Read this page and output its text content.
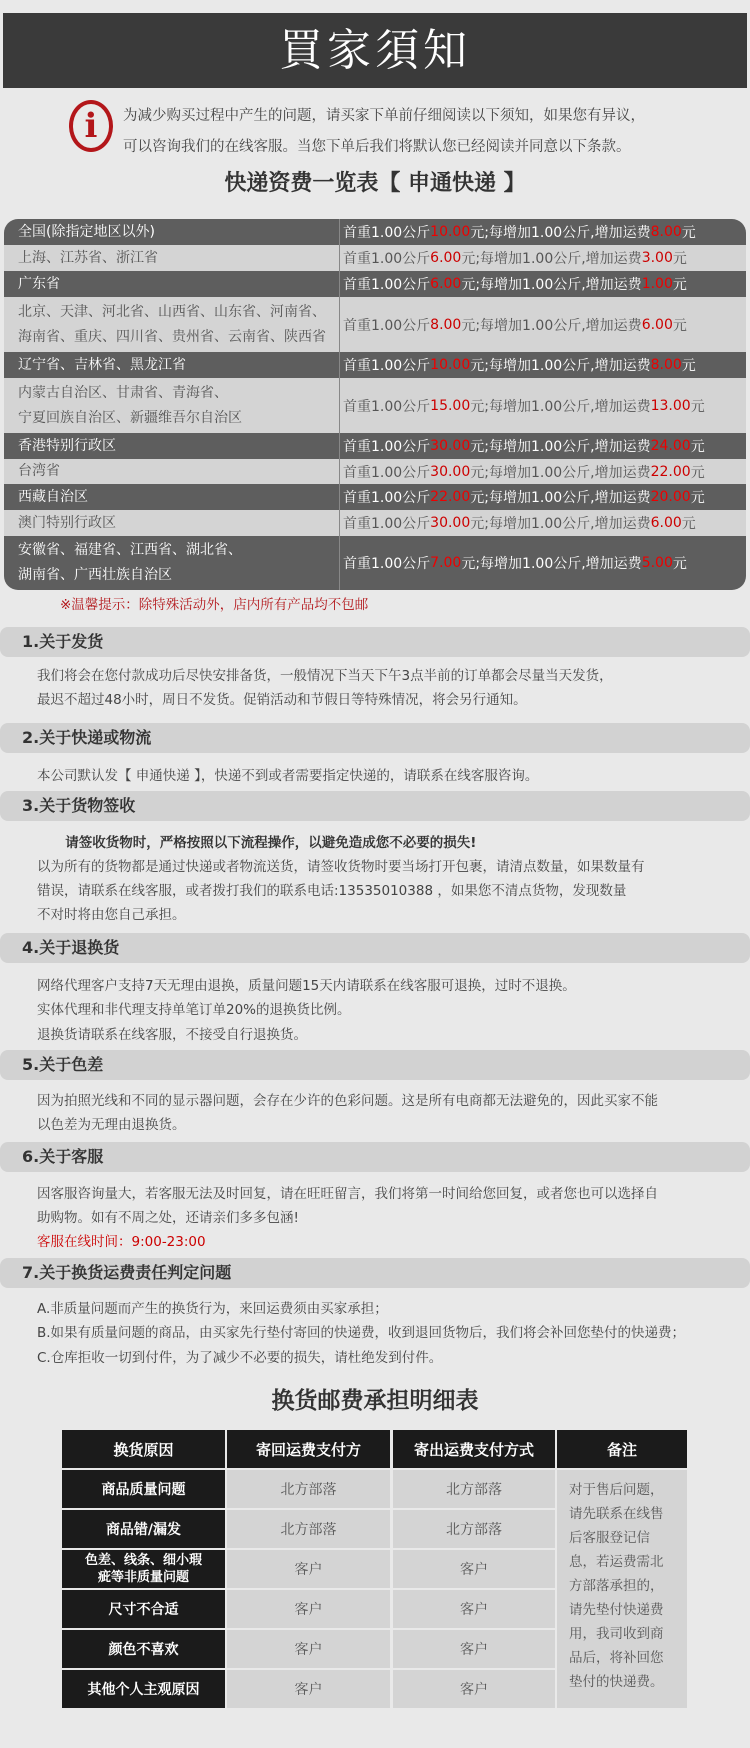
買家須知
i	为减少购买过程中产生的问题，请买家下单前仔细阅读以下须知，如果您有异议，
可以咨询我们的在线客服。当您下单后我们将默认您已经阅读并同意以下条款。
快递资费一览表【 申通快递 】
全国(除指定地区以外)	首重1.00公斤 10.00 元;每增加1.00公斤,增加运费 8.00 元
上海、江苏省、浙江省	首重1.00公斤 6.00 元;每增加1.00公斤,增加运费 3.00 元
广东省	首重1.00公斤 6.00 元;每增加1.00公斤,增加运费 1.00 元
北京、天津、河北省、山西省、山东省、河南省、
海南省、重庆、四川省、贵州省、云南省、陕西省
首重1.00公斤 8.00 元;每增加1.00公斤,增加运费 6.00 元
辽宁省、吉林省、黑龙江省	首重1.00公斤 10.00 元;每增加1.00公斤,增加运费 8.00 元
内蒙古自治区、甘肃省、青海省、
宁夏回族自治区、新疆维吾尔自治区
首重1.00公斤 15.00 元;每增加1.00公斤,增加运费 13.00 元
香港特别行政区	首重1.00公斤 30.00 元;每增加1.00公斤,增加运费 24.00 元
台湾省	首重1.00公斤 30.00 元;每增加1.00公斤,增加运费 22.00 元
西藏自治区	首重1.00公斤 22.00 元;每增加1.00公斤,增加运费 20.00 元
澳门特别行政区	首重1.00公斤 30.00 元;每增加1.00公斤,增加运费 6.00 元
安徽省、福建省、江西省、湖北省、
湖南省、广西壮族自治区
首重1.00公斤 7.00 元;每增加1.00公斤,增加运费 5.00 元
※温馨提示：除特殊活动外，店内所有产品均不包邮
1.关于发货
我们将会在您付款成功后尽快安排备货，一般情况下当天下午3点半前的订单都会尽量当天发货，
最迟不超过48小时，周日不发货。促销活动和节假日等特殊情况，将会另行通知。
2.关于快递或物流
本公司默认发【 申通快递 】，快递不到或者需要指定快递的，请联系在线客服咨询。
3.关于货物签收
请签收货物时，严格按照以下流程操作，以避免造成您不必要的损失!
以为所有的货物都是通过快递或者物流送货，请签收货物时要当场打开包裹，请清点数量，如果数量有
错误，请联系在线客服，或者拨打我们的联系电话:13535010388 ，如果您不清点货物，发现数量
不对时将由您自己承担。
4.关于退换货
网络代理客户支持7天无理由退换，质量问题15天内请联系在线客服可退换，过时不退换。
实体代理和非代理支持单笔订单20%的退换货比例。
退换货请联系在线客服，不接受自行退换货。
5.关于色差
因为拍照光线和不同的显示器问题，会存在少许的色彩问题。这是所有电商都无法避免的，因此买家不能
以色差为无理由退换货。
6.关于客服
因客服咨询量大，若客服无法及时回复，请在旺旺留言，我们将第一时间给您回复，或者您也可以选择自
助购物。如有不周之处，还请亲们多多包涵!
客服在线时间：9:00-23:00
7.关于换货运费责任判定问题
A.非质量问题而产生的换货行为，来回运费须由买家承担；
B.如果有质量问题的商品，由买家先行垫付寄回的快递费，收到退回货物后，我们将会补回您垫付的快递费；
C.仓库拒收一切到付件，为了减少不必要的损失，请杜绝发到付件。
换货邮费承担明细表
换货原因	寄回运费支付方	寄出运费支付方式	备注
商品质量问题	北方部落	北方部落
商品错/漏发	北方部落	北方部落
色差、线条、细小瑕疵等非质量问题	客户	客户
尺寸不合适	客户	客户
颜色不喜欢	客户	客户
其他个人主观原因	客户	客户
对于售后问题，请先联系在线售后客服登记信息，若运费需北方部落承担的，请先垫付快递费用，我司收到商品后，将补回您垫付的快递费。
